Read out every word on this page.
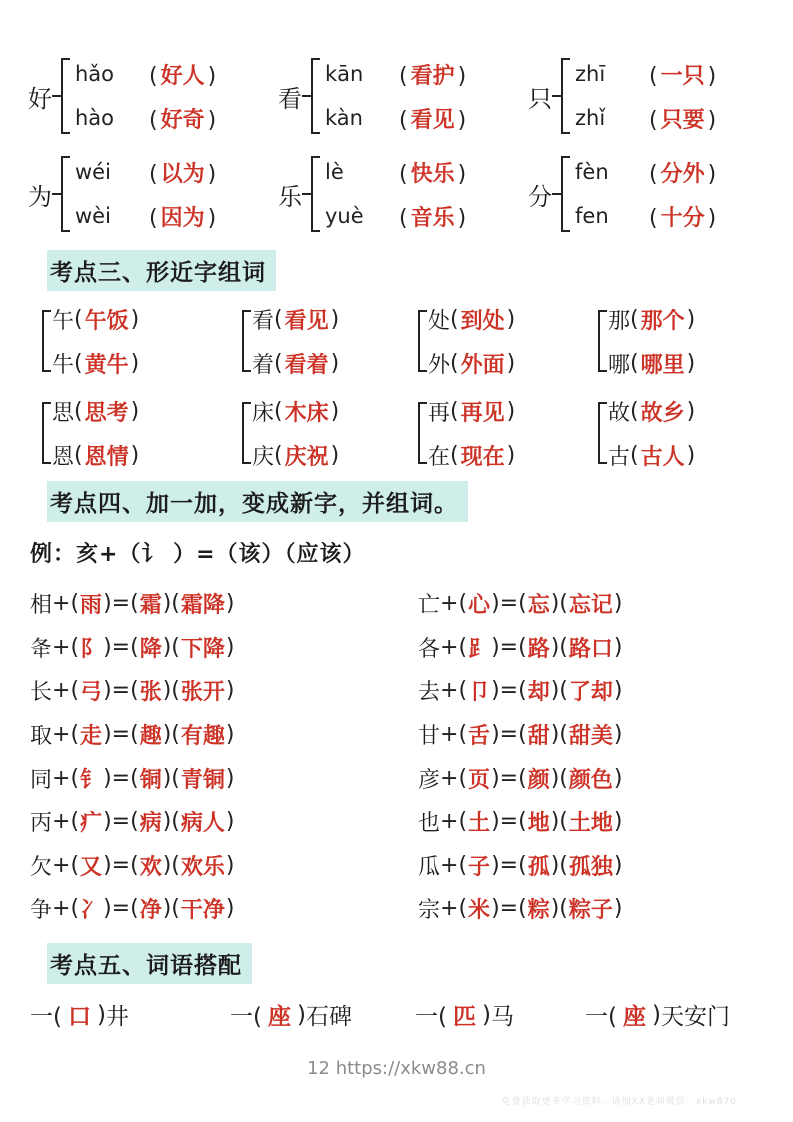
好
hǎo	( 好人 )
hào	( 好奇 )
看
kān	( 看护 )
kàn	( 看见 )
只
zhī	( 一只 )
zhǐ	( 只要 )
为
wéi	( 以为 )
wèi	( 因为 )
乐
lè	( 快乐 )
yuè	( 音乐 )
分
fèn	( 分外 )
fen	( 十分 )
考点三、形近字组词
午 ( 午饭 )
牛 ( 黄牛 )
看 ( 看见 )
着 ( 看着 )
处 ( 到处 )
外 ( 外面 )
那 ( 那个 )
哪 ( 哪里 )
思 ( 思考 )
恩 ( 恩情 )
床 ( 木床 )
庆 ( 庆祝 )
再 ( 再见 )
在 ( 现在 )
故 ( 故乡 )
古 ( 古人 )
考点四、加一加，变成新字，并组词。
例：亥+（讠 ）=（该）（应该）
相 + ( 雨 ) = ( 霜 ) ( 霜降 )
夅 + ( 阝 ) = ( 降 ) ( 下降 )
长 + ( 弓 ) = ( 张 ) ( 张开 )
取 + ( 走 ) = ( 趣 ) ( 有趣 )
同 + ( 钅 ) = ( 铜 ) ( 青铜 )
丙 + ( 疒 ) = ( 病 ) ( 病人 )
欠 + ( 又 ) = ( 欢 ) ( 欢乐 )
争 + ( 冫 ) = ( 净 ) ( 干净 )
亡 + ( 心 ) = ( 忘 ) ( 忘记 )
各 + ( ⻊ ) = ( 路 ) ( 路口 )
去 + ( 卩 ) = ( 却 ) ( 了却 )
甘 + ( 舌 ) = ( 甜 ) ( 甜美 )
彦 + ( 页 ) = ( 颜 ) ( 颜色 )
也 + ( 土 ) = ( 地 ) ( 土地 )
瓜 + ( 子 ) = ( 孤 ) ( 孤独 )
宗 + ( 米 ) = ( 粽 ) ( 粽子 )
考点五、词语搭配
一( 口 ) 井	一( 座 ) 石碑	一( 匹 ) 马	一( 座 ) 天安门
12 https://xkw88.cn
免费获取更多学习资料，请加XX老师微信：xkw870
